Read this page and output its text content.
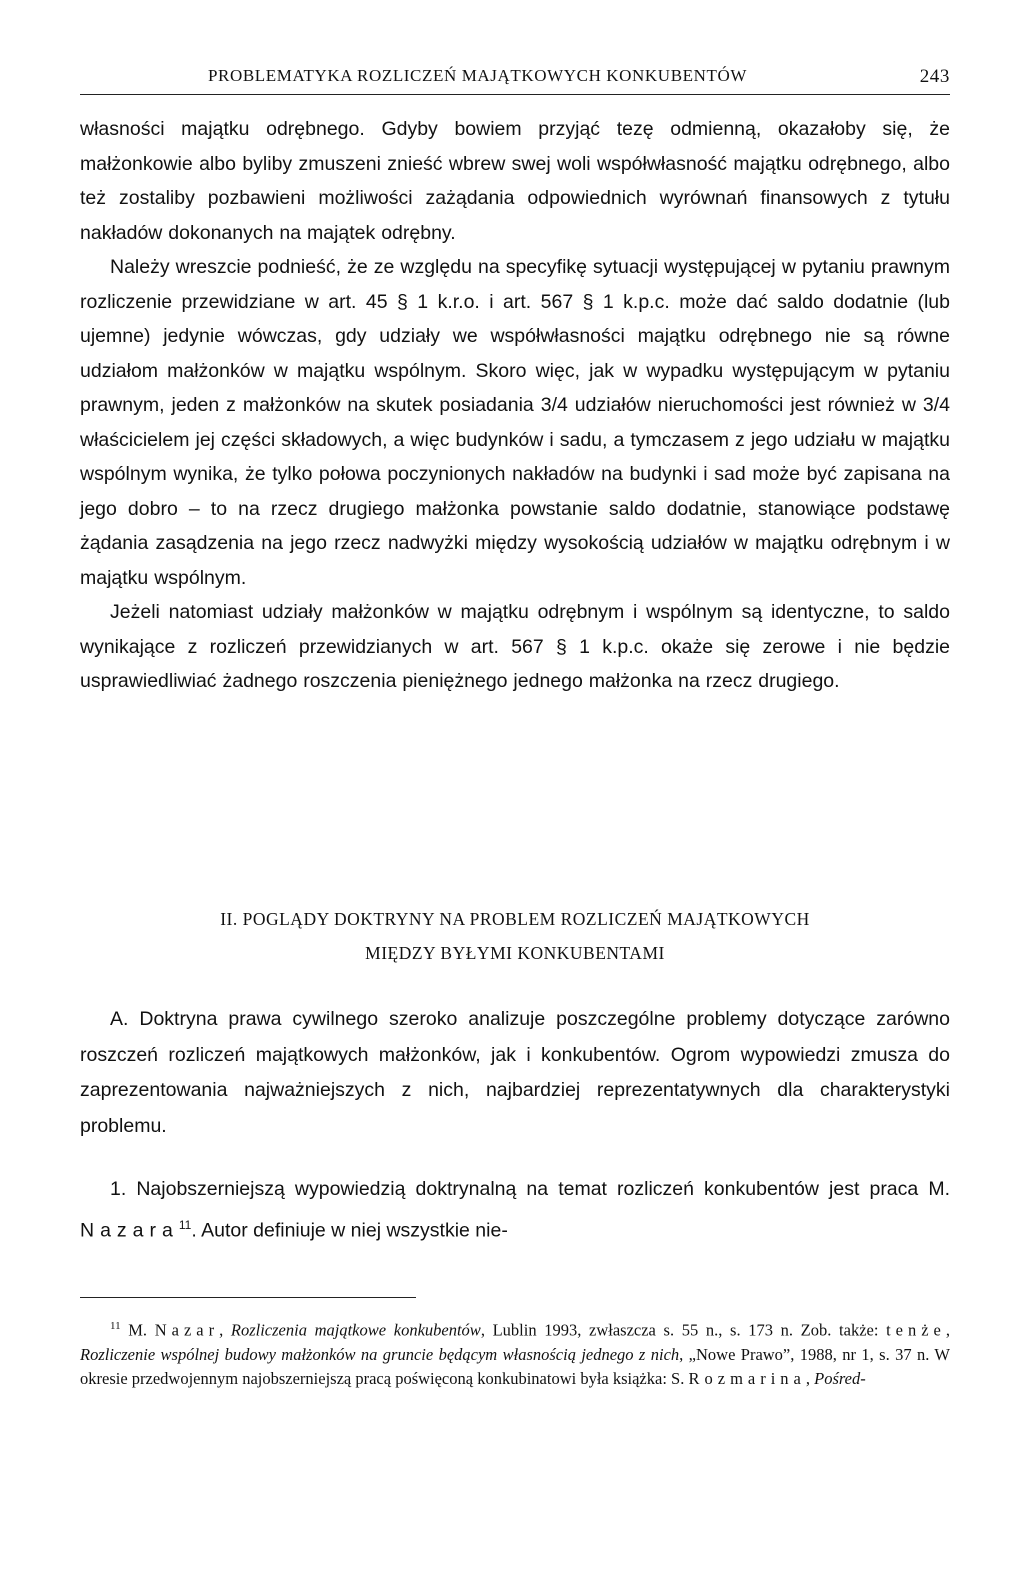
PROBLEMATYKA ROZLICZEŃ MAJĄTKOWYCH KONKUBENTÓW	243

własności majątku odrębnego. Gdyby bowiem przyjąć tezę odmienną, okazałoby się, że małżonkowie albo byliby zmuszeni znieść wbrew swej woli współwłasność majątku odrębnego, albo też zostaliby pozbawieni możliwości zażądania odpowiednich wyrównań finansowych z tytułu nakładów dokonanych na majątek odrębny.

Należy wreszcie podnieść, że ze względu na specyfikę sytuacji występującej w pytaniu prawnym rozliczenie przewidziane w art. 45 § 1 k.r.o. i art. 567 § 1 k.p.c. może dać saldo dodatnie (lub ujemne) jedynie wówczas, gdy udziały we współwłasności majątku odrębnego nie są równe udziałom małżonków w majątku wspólnym. Skoro więc, jak w wypadku występującym w pytaniu prawnym, jeden z małżonków na skutek posiadania 3/4 udziałów nieruchomości jest również w 3/4 właścicielem jej części składowych, a więc budynków i sadu, a tymczasem z jego udziału w majątku wspólnym wynika, że tylko połowa poczynionych nakładów na budynki i sad może być zapisana na jego dobro – to na rzecz drugiego małżonka powstanie saldo dodatnie, stanowiące podstawę żądania zasądzenia na jego rzecz nadwyżki między wysokością udziałów w majątku odrębnym i w majątku wspólnym.

Jeżeli natomiast udziały małżonków w majątku odrębnym i wspólnym są identyczne, to saldo wynikające z rozliczeń przewidzianych w art. 567 § 1 k.p.c. okaże się zerowe i nie będzie usprawiedliwiać żadnego roszczenia pieniężnego jednego małżonka na rzecz drugiego.

II. POGLĄDY DOKTRYNY NA PROBLEM ROZLICZEŃ MAJĄTKOWYCH
MIĘDZY BYŁYMI KONKUBENTAMI

A. Doktryna prawa cywilnego szeroko analizuje poszczególne problemy dotyczące zarówno roszczeń rozliczeń majątkowych małżonków, jak i konkubentów. Ogrom wypowiedzi zmusza do zaprezentowania najważniejszych z nich, najbardziej reprezentatywnych dla charakterystyki problemu.

1. Najobszerniejszą wypowiedzią doktrynalną na temat rozliczeń konkubentów jest praca M. Nazara$^{11}$. Autor definiuje w niej wszystkie nie-

$^{11}$ M. Nazar, Rozliczenia majątkowe konkubentów, Lublin 1993, zwłaszcza s. 55 n., s. 173 n. Zob. także: tenże, Rozliczenie wspólnej budowy małżonków na gruncie będącym własnością jednego z nich, „Nowe Prawo”, 1988, nr 1, s. 37 n. W okresie przedwojennym najobszerniejszą pracą poświęconą konkubinatowi była książka: S. Rozmarina, Pośred-
